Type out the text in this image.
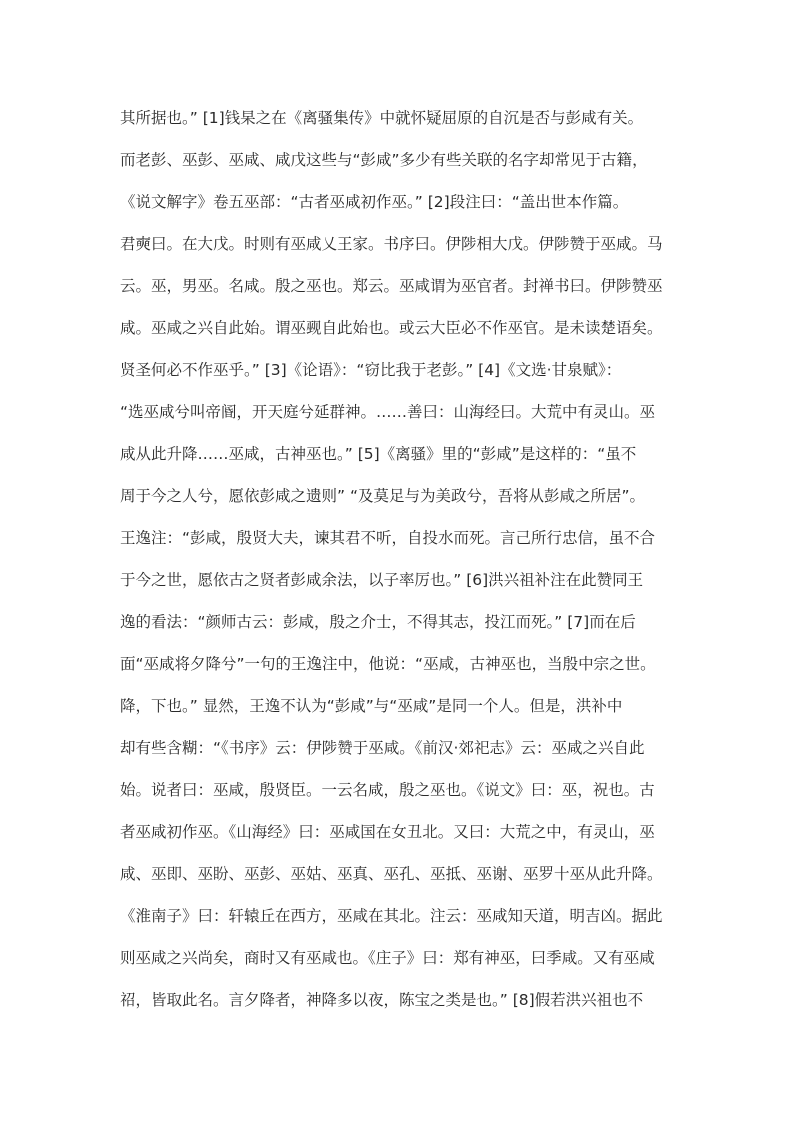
其所据也。” [1]钱杲之在《离骚集传》中就怀疑屈原的自沉是否与彭咸有关。
而老彭、巫彭、巫咸、咸戊这些与“彭咸”多少有些关联的名字却常见于古籍，
《说文解字》卷五巫部：“古者巫咸初作巫。” [2]段注曰：“盖出世本作篇。
君奭曰。在大戊。时则有巫咸乂王家。书序曰。伊陟相大戊。伊陟赞于巫咸。马
云。巫，男巫。名咸。殷之巫也。郑云。巫咸谓为巫官者。封禅书曰。伊陟赞巫
咸。巫咸之兴自此始。谓巫觋自此始也。或云大臣必不作巫官。是未读楚语矣。
贤圣何必不作巫乎。” [3]《论语》：“窃比我于老彭。” [4]《文选·甘泉赋》：
“选巫咸兮叫帝阍，开天庭兮延群神。……善曰：山海经曰。大荒中有灵山。巫
咸从此升降……巫咸，古神巫也。” [5]《离骚》里的“彭咸”是这样的：“虽不
周于今之人兮，愿依彭咸之遗则” “及莫足与为美政兮，吾将从彭咸之所居”。
王逸注：“彭咸，殷贤大夫，谏其君不听，自投水而死。言己所行忠信，虽不合
于今之世，愿依古之贤者彭咸余法，以子率厉也。” [6]洪兴祖补注在此赞同王
逸的看法：“颜师古云：彭咸，殷之介士，不得其志，投江而死。” [7]而在后
面“巫咸将夕降兮”一句的王逸注中，他说：“巫咸，古神巫也，当殷中宗之世。
降，下也。” 显然，王逸不认为“彭咸”与“巫咸”是同一个人。但是，洪补中
却有些含糊：“《书序》云：伊陟赞于巫咸。《前汉·郊祀志》云：巫咸之兴自此
始。说者曰：巫咸，殷贤臣。一云名咸，殷之巫也。《说文》曰：巫，祝也。古
者巫咸初作巫。《山海经》曰：巫咸国在女丑北。又曰：大荒之中，有灵山，巫
咸、巫即、巫盼、巫彭、巫姑、巫真、巫孔、巫抵、巫谢、巫罗十巫从此升降。
《淮南子》曰：轩辕丘在西方，巫咸在其北。注云：巫咸知天道，明吉凶。据此
则巫咸之兴尚矣，商时又有巫咸也。《庄子》曰：郑有神巫，曰季咸。又有巫咸
祒，皆取此名。言夕降者，神降多以夜，陈宝之类是也。” [8]假若洪兴祖也不
